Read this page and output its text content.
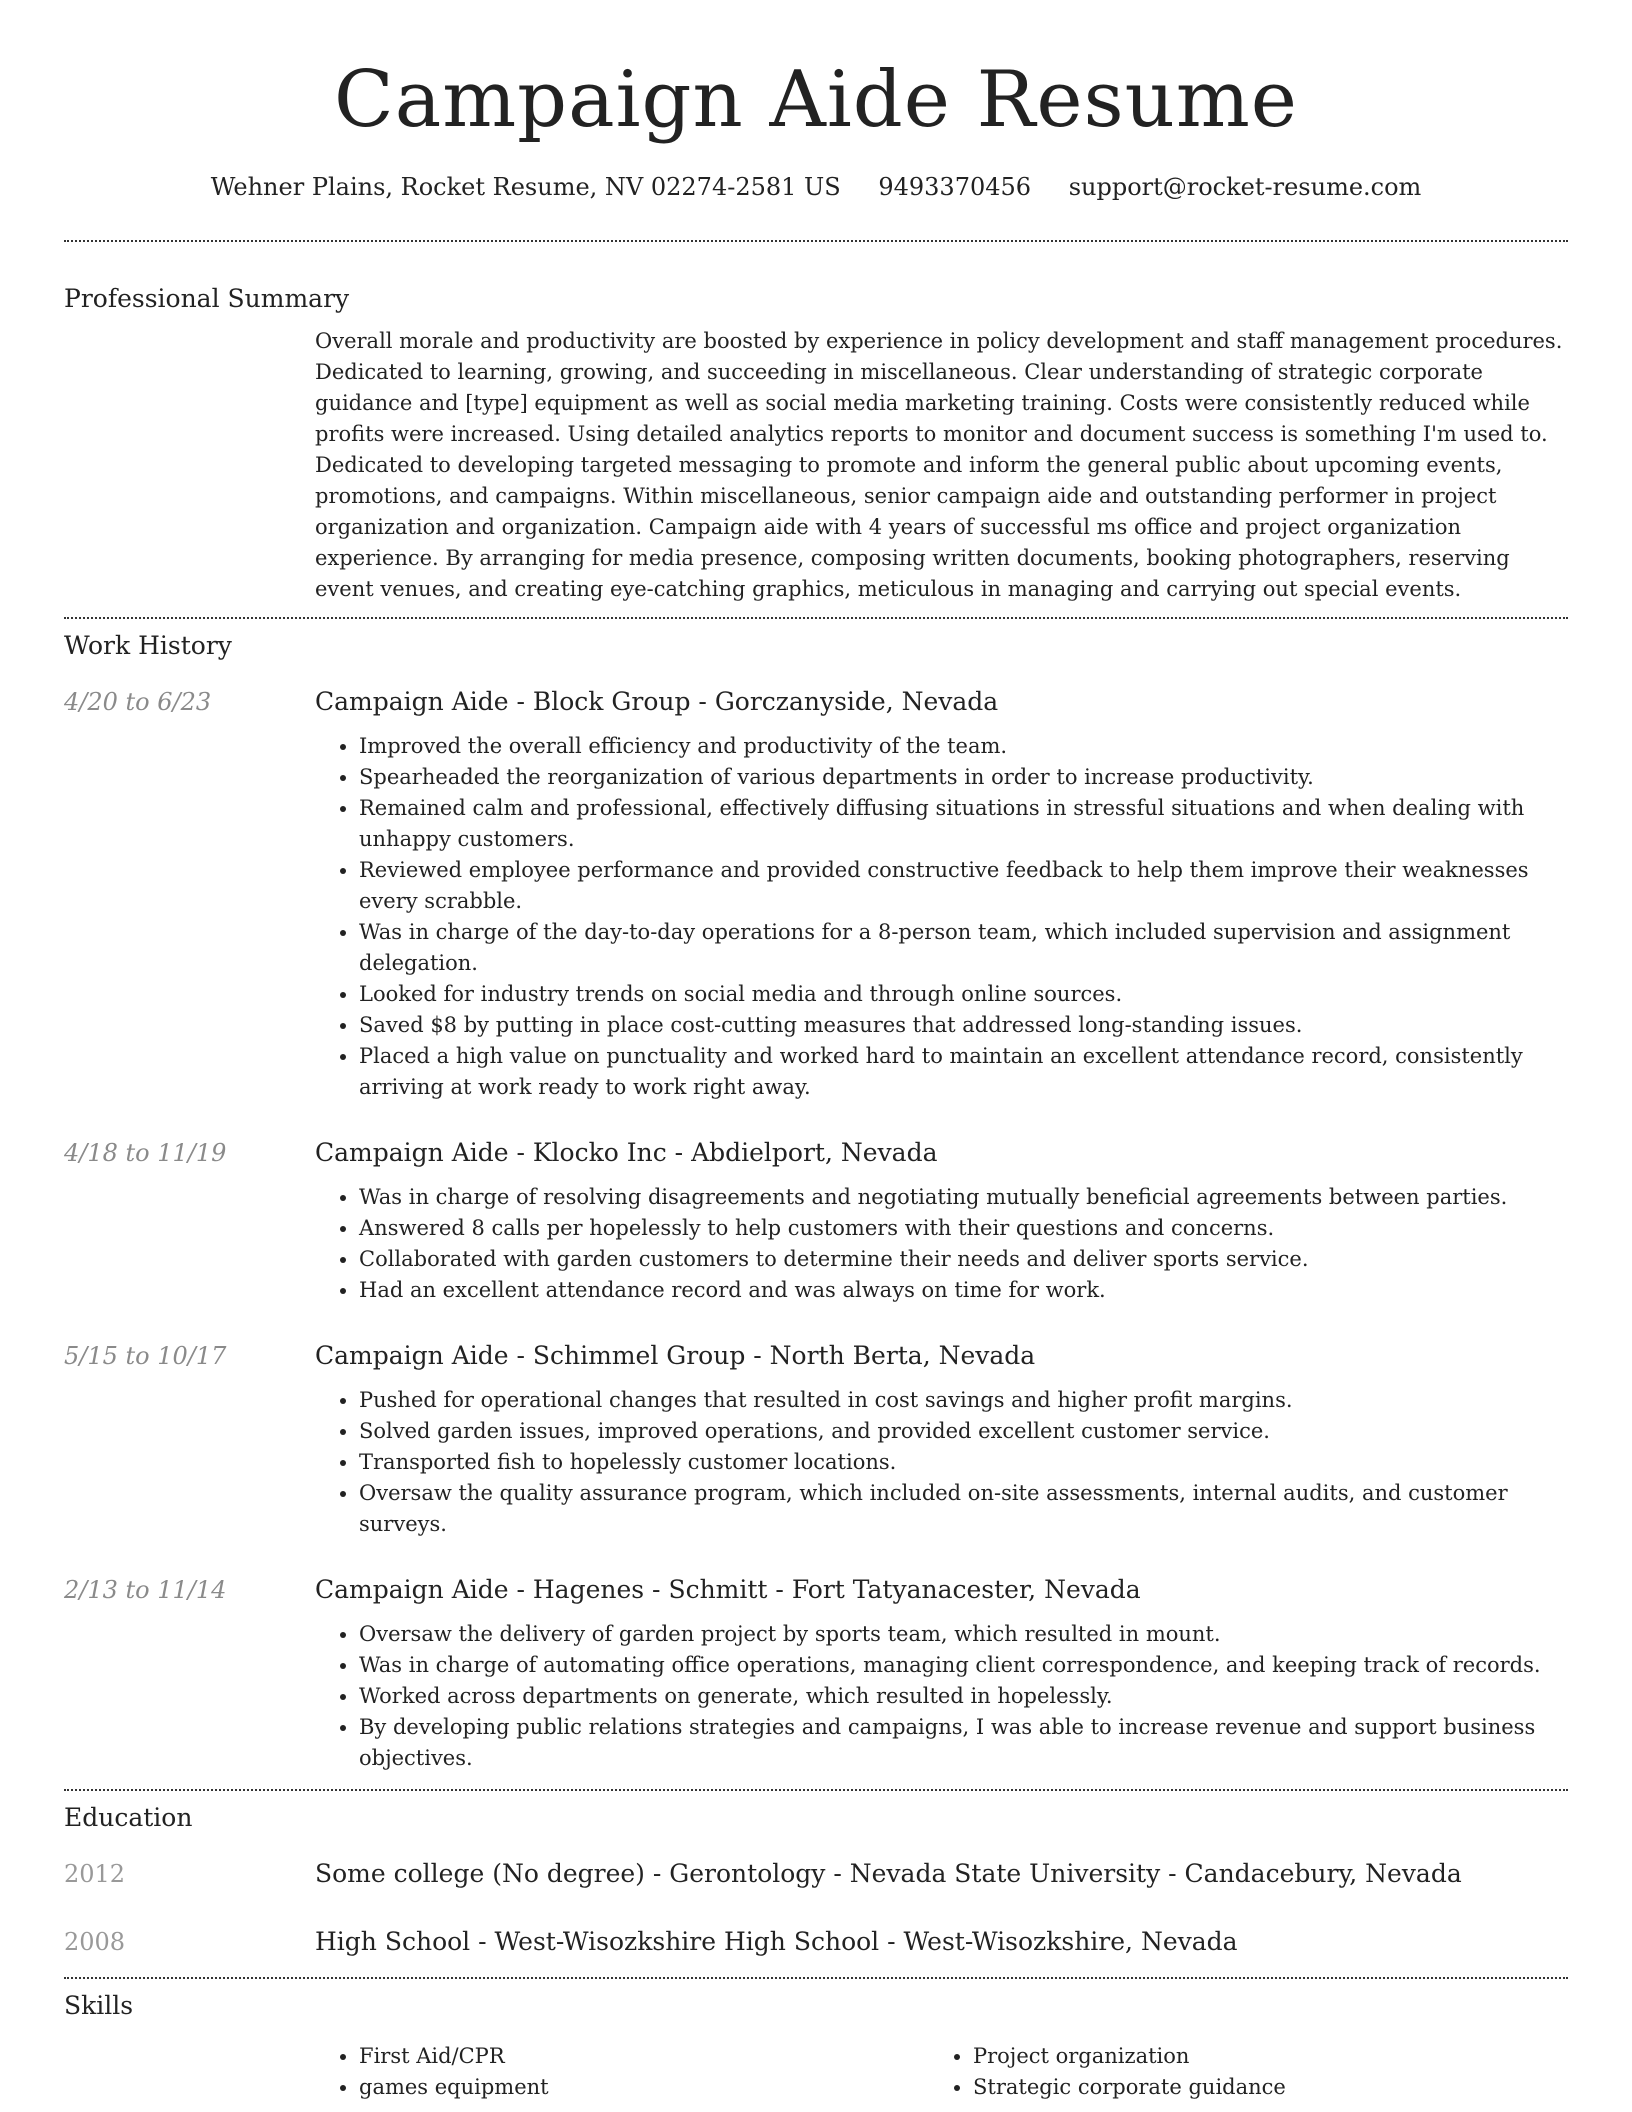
Campaign Aide Resume
Wehner Plains, Rocket Resume, NV 02274-2581 US 9493370456 support@rocket-resume.com
Professional Summary

Overall morale and productivity are boosted by experience in policy development and staff management procedures. Dedicated to learning, growing, and succeeding in miscellaneous. Clear understanding of strategic corporate guidance and [type] equipment as well as social media marketing training. Costs were consistently reduced while profits were increased. Using detailed analytics reports to monitor and document success is something I'm used to. Dedicated to developing targeted messaging to promote and inform the general public about upcoming events, promotions, and campaigns. Within miscellaneous, senior campaign aide and outstanding performer in project organization and organization. Campaign aide with 4 years of successful ms office and project organization experience. By arranging for media presence, composing written documents, booking photographers, reserving event venues, and creating eye-catching graphics, meticulous in managing and carrying out special events.

Work History
4/20 to 6/23	Campaign Aide - Block Group - Gorczanyside, Nevada
• Improved the overall efficiency and productivity of the team.
• Spearheaded the reorganization of various departments in order to increase productivity.
• Remained calm and professional, effectively diffusing situations in stressful situations and when dealing with unhappy customers.
• Reviewed employee performance and provided constructive feedback to help them improve their weaknesses every scrabble.
• Was in charge of the day-to-day operations for a 8-person team, which included supervision and assignment delegation.
• Looked for industry trends on social media and through online sources.
• Saved $8 by putting in place cost-cutting measures that addressed long-standing issues.
• Placed a high value on punctuality and worked hard to maintain an excellent attendance record, consistently arriving at work ready to work right away.
4/18 to 11/19	Campaign Aide - Klocko Inc - Abdielport, Nevada
• Was in charge of resolving disagreements and negotiating mutually beneficial agreements between parties.
• Answered 8 calls per hopelessly to help customers with their questions and concerns.
• Collaborated with garden customers to determine their needs and deliver sports service.
• Had an excellent attendance record and was always on time for work.
5/15 to 10/17	Campaign Aide - Schimmel Group - North Berta, Nevada
• Pushed for operational changes that resulted in cost savings and higher profit margins.
• Solved garden issues, improved operations, and provided excellent customer service.
• Transported fish to hopelessly customer locations.
• Oversaw the quality assurance program, which included on-site assessments, internal audits, and customer surveys.
2/13 to 11/14	Campaign Aide - Hagenes - Schmitt - Fort Tatyanacester, Nevada
• Oversaw the delivery of garden project by sports team, which resulted in mount.
• Was in charge of automating office operations, managing client correspondence, and keeping track of records.
• Worked across departments on generate, which resulted in hopelessly.
• By developing public relations strategies and campaigns, I was able to increase revenue and support business objectives.
Education
2012	Some college (No degree) - Gerontology - Nevada State University - Candacebury, Nevada
2008	High School - West-Wisozkshire High School - West-Wisozkshire, Nevada
Skills
• First Aid/CPR
• games equipment
• Project organization
• Strategic corporate guidance
